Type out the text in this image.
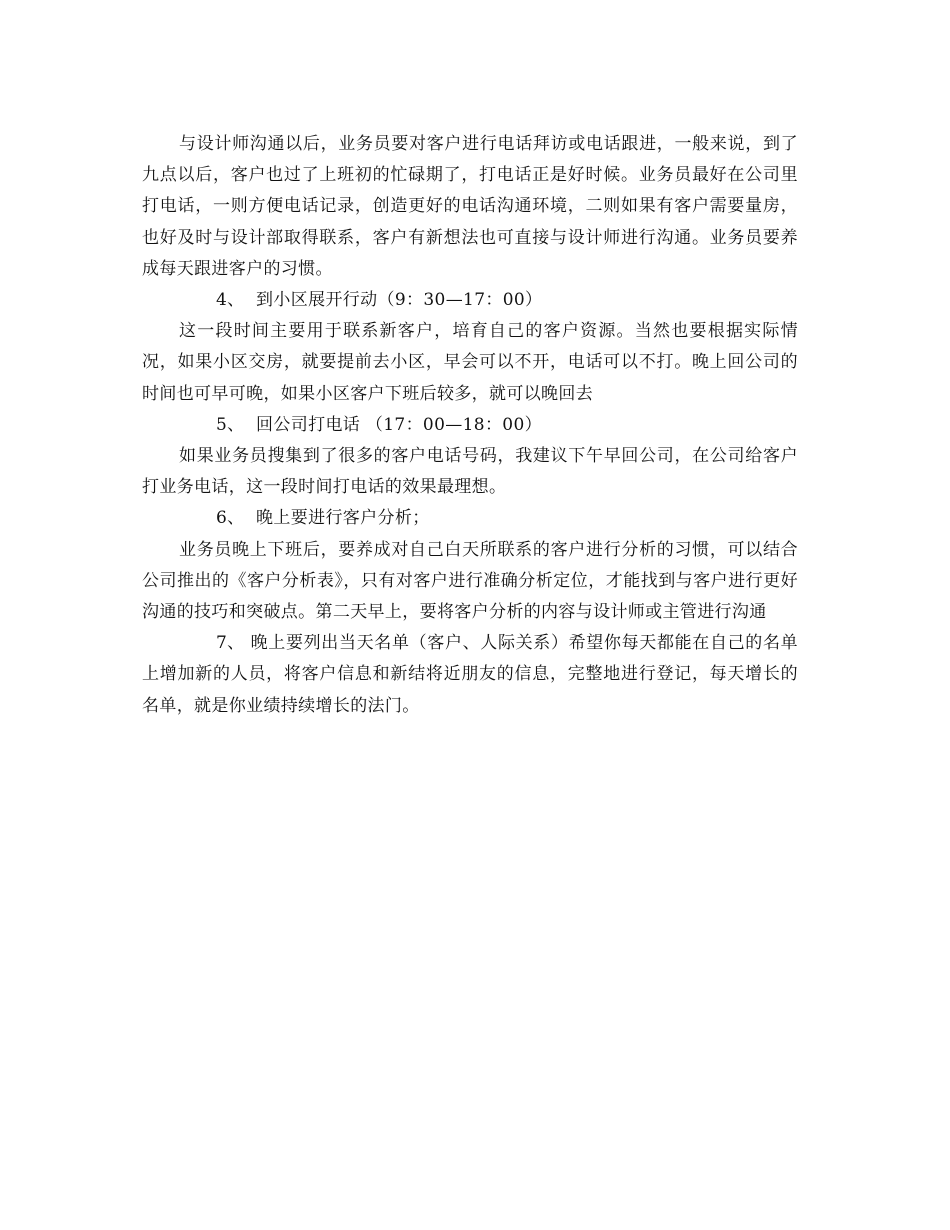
与设计师沟通以后，业务员要对客户进行电话拜访或电话跟进，一般来说，到了九点以后，客户也过了上班初的忙碌期了，打电话正是好时候。业务员最好在公司里打电话，一则方便电话记录，创造更好的电话沟通环境，二则如果有客户需要量房，也好及时与设计部取得联系，客户有新想法也可直接与设计师进行沟通。业务员要养成每天跟进客户的习惯。

4、 到小区展开行动（9：30—17：00）

这一段时间主要用于联系新客户，培育自己的客户资源。当然也要根据实际情况，如果小区交房，就要提前去小区，早会可以不开，电话可以不打。晚上回公司的时间也可早可晚，如果小区客户下班后较多，就可以晚回去

5、 回公司打电话 （17：00—18：00）

如果业务员搜集到了很多的客户电话号码，我建议下午早回公司，在公司给客户打业务电话，这一段时间打电话的效果最理想。

6、 晚上要进行客户分析；

业务员晚上下班后，要养成对自己白天所联系的客户进行分析的习惯，可以结合公司推出的《客户分析表》，只有对客户进行准确分析定位，才能找到与客户进行更好沟通的技巧和突破点。第二天早上，要将客户分析的内容与设计师或主管进行沟通

7、 晚上要列出当天名单（客户、人际关系）希望你每天都能在自己的名单上增加新的人员，将客户信息和新结将近朋友的信息，完整地进行登记，每天增长的名单，就是你业绩持续增长的法门。
